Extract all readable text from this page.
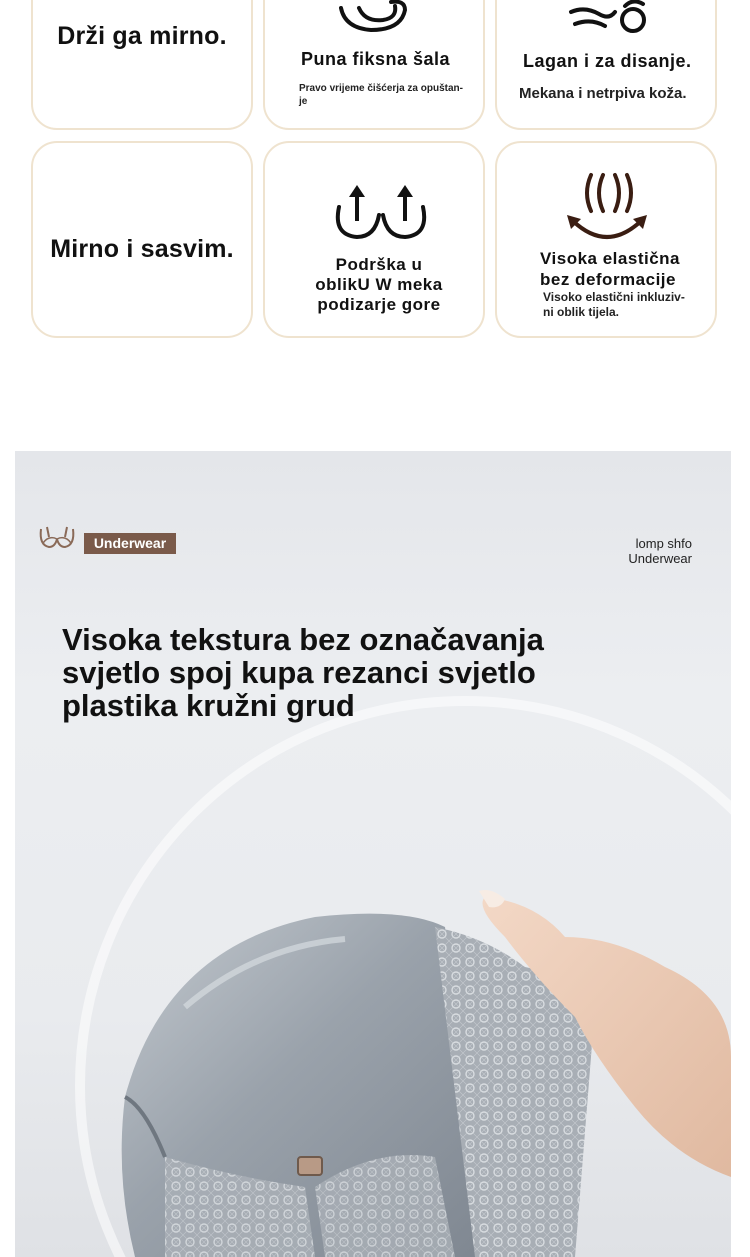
Drži ga mirno.
Puna fiksna šala
Pravo vrijeme čišćerja za opuštan-
je
Lagan i za disanje.
Mekana i netrpiva koža.
Mirno i sasvim.
Podrška u
oblikU W meka
podizarje gore
Visoka elastična
bez deformacije
Visoko elastični inkluziv-
ni oblik tijela.
Underwear	lomp shfo
Underwear
Visoka tekstura bez označavanja
svjetlo spoj kupa rezanci svjetlo
plastika kružni grud
